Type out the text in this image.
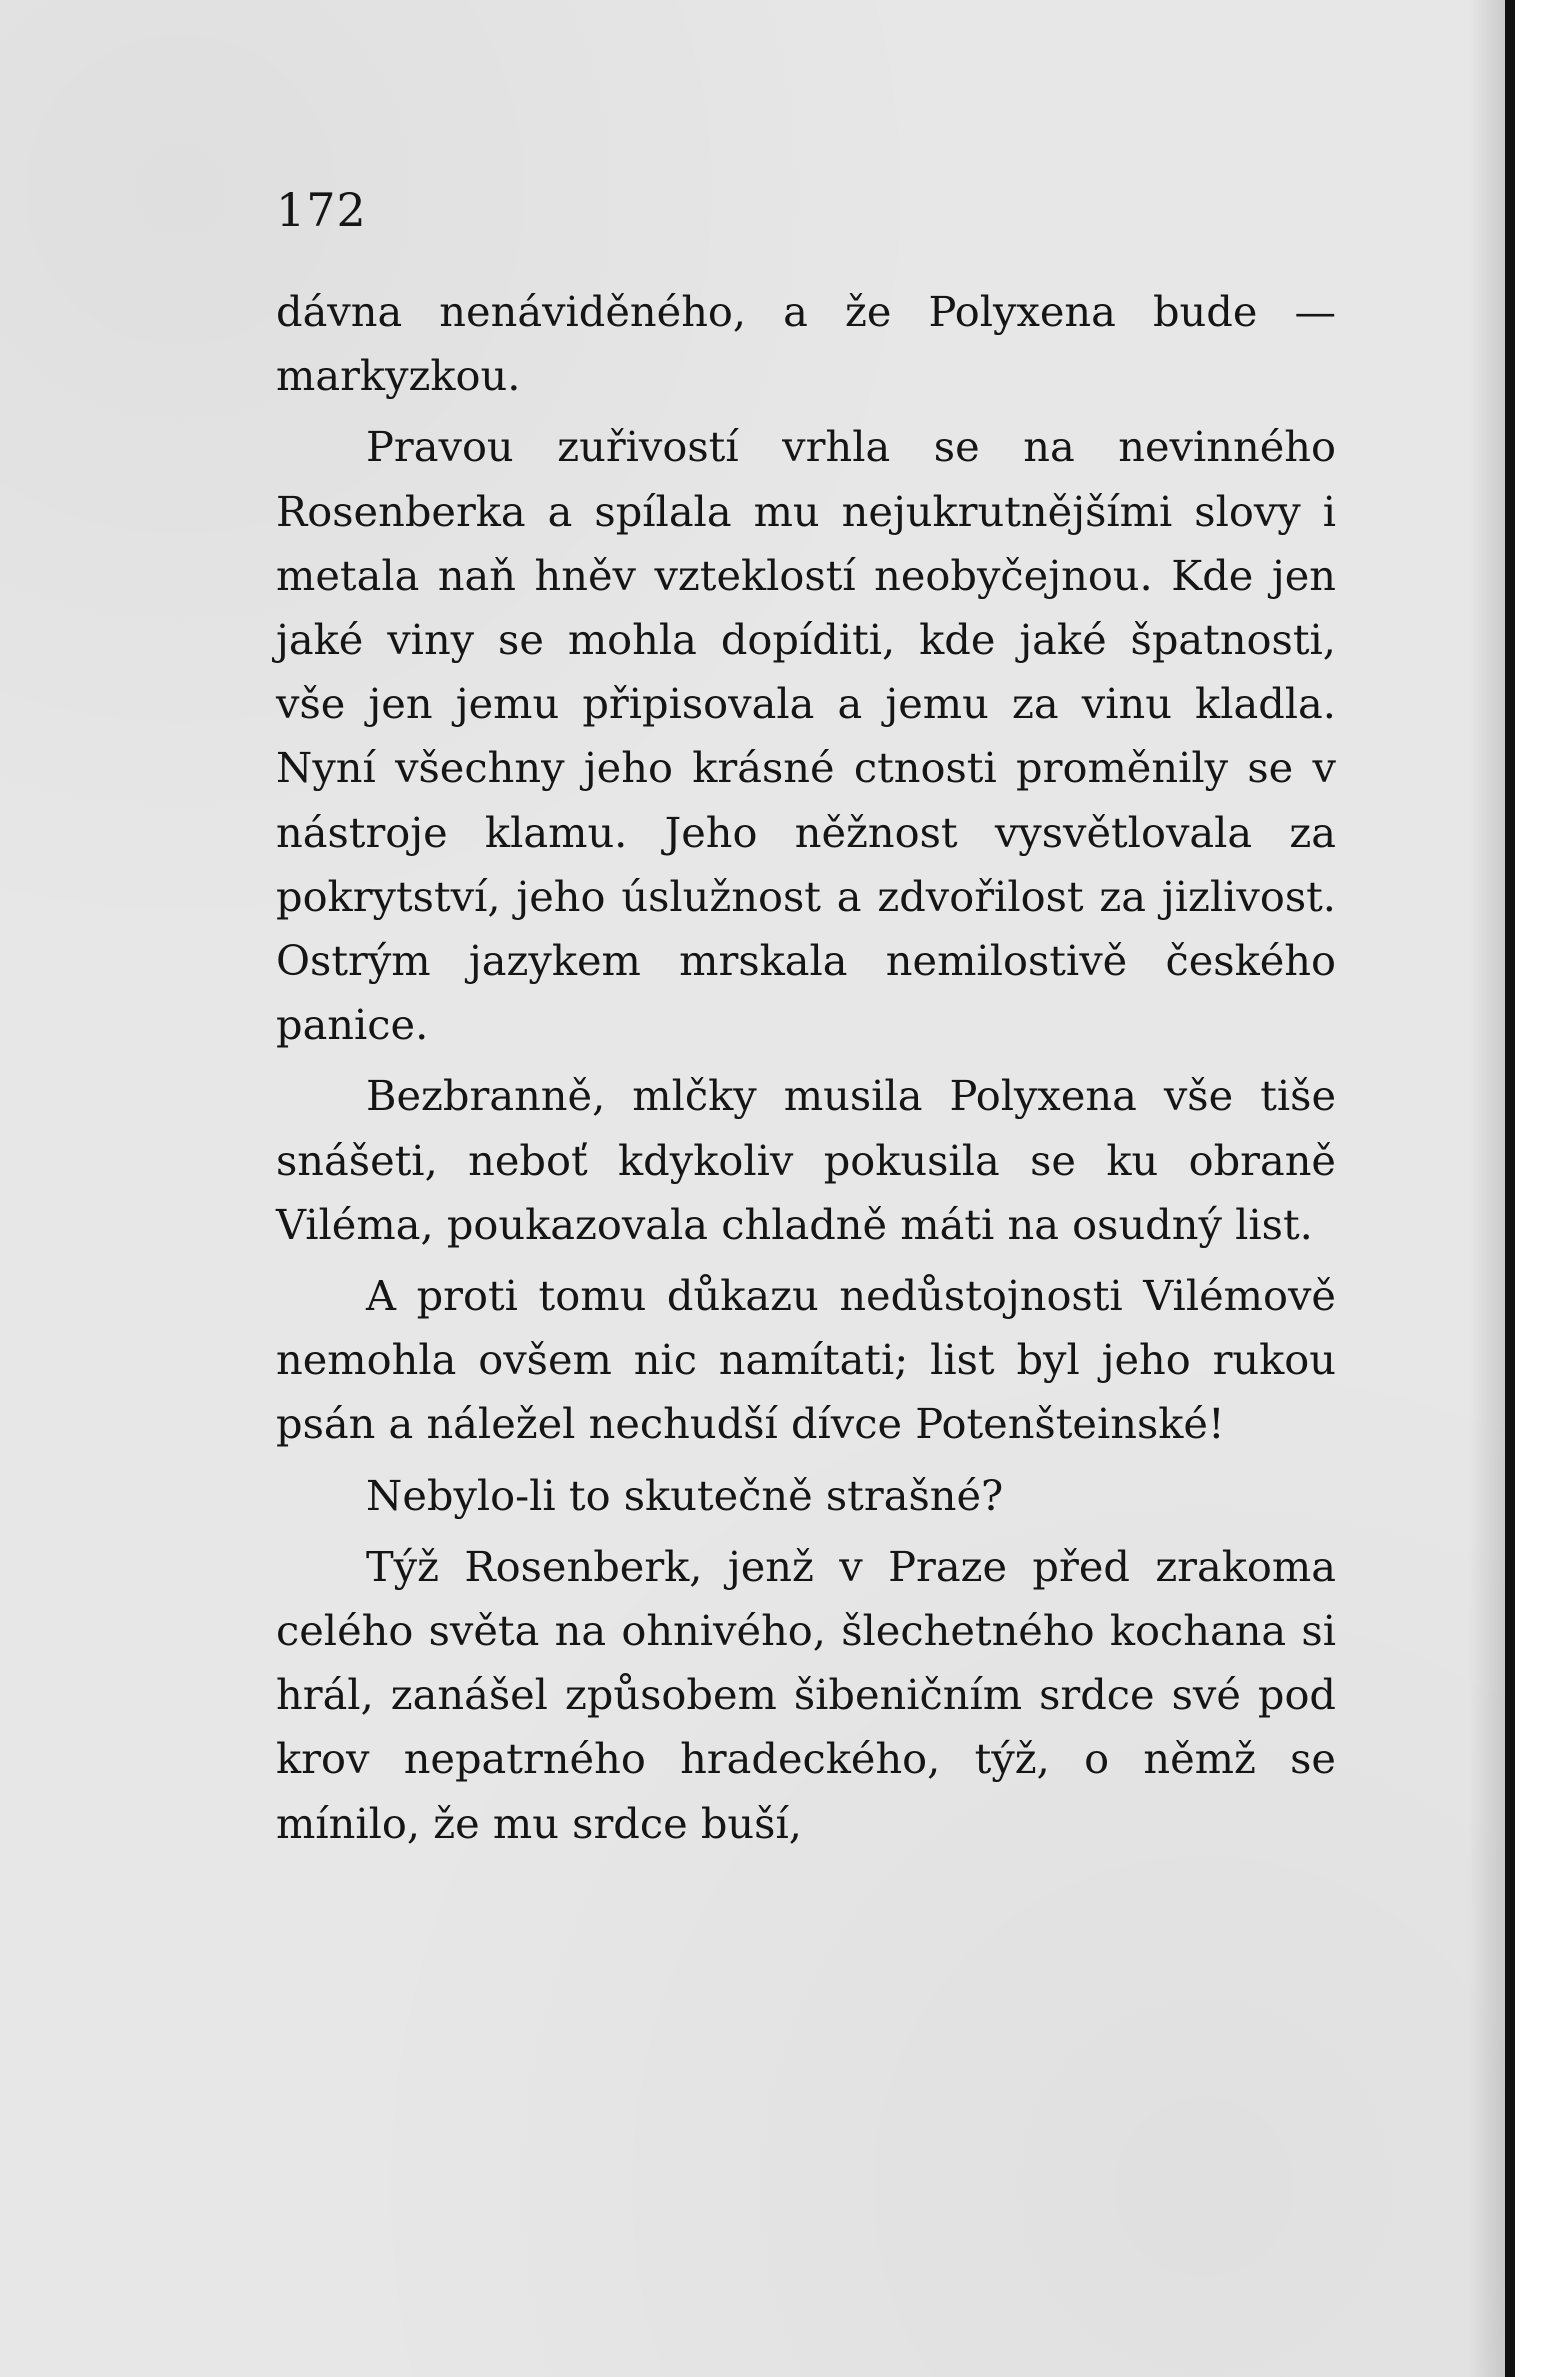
172

dávna nenáviděného, a že Polyxena bude — markyzkou.

Pravou zuřivostí vrhla se na nevinného Rosenberka a spílala mu nejukrutnějšími slovy i metala naň hněv vzteklostí neobyčejnou. Kde jen jaké viny se mohla dopíditi, kde jaké špatnosti, vše jen jemu připisovala a jemu za vinu kladla. Nyní všechny jeho krásné ctnosti proměnily se v nástroje klamu. Jeho něžnost vysvětlovala za pokrytství, jeho úslužnost a zdvořilost za jizlivost. Ostrým jazykem mrskala nemilostivě českého panice.

Bezbranně, mlčky musila Polyxena vše tiše snášeti, neboť kdykoliv pokusila se ku obraně Viléma, poukazovala chladně máti na osudný list.

A proti tomu důkazu nedůstojnosti Vilémově nemohla ovšem nic namítati; list byl jeho rukou psán a náležel nechudší dívce Potenšteinské!

Nebylo-li to skutečně strašné?

Týž Rosenberk, jenž v Praze před zrakoma celého světa na ohnivého, šlechetného kochana si hrál, zanášel způsobem šibeničním srdce své pod krov nepatrného hradeckého, týž, o němž se mínilo, že mu srdce buší,
